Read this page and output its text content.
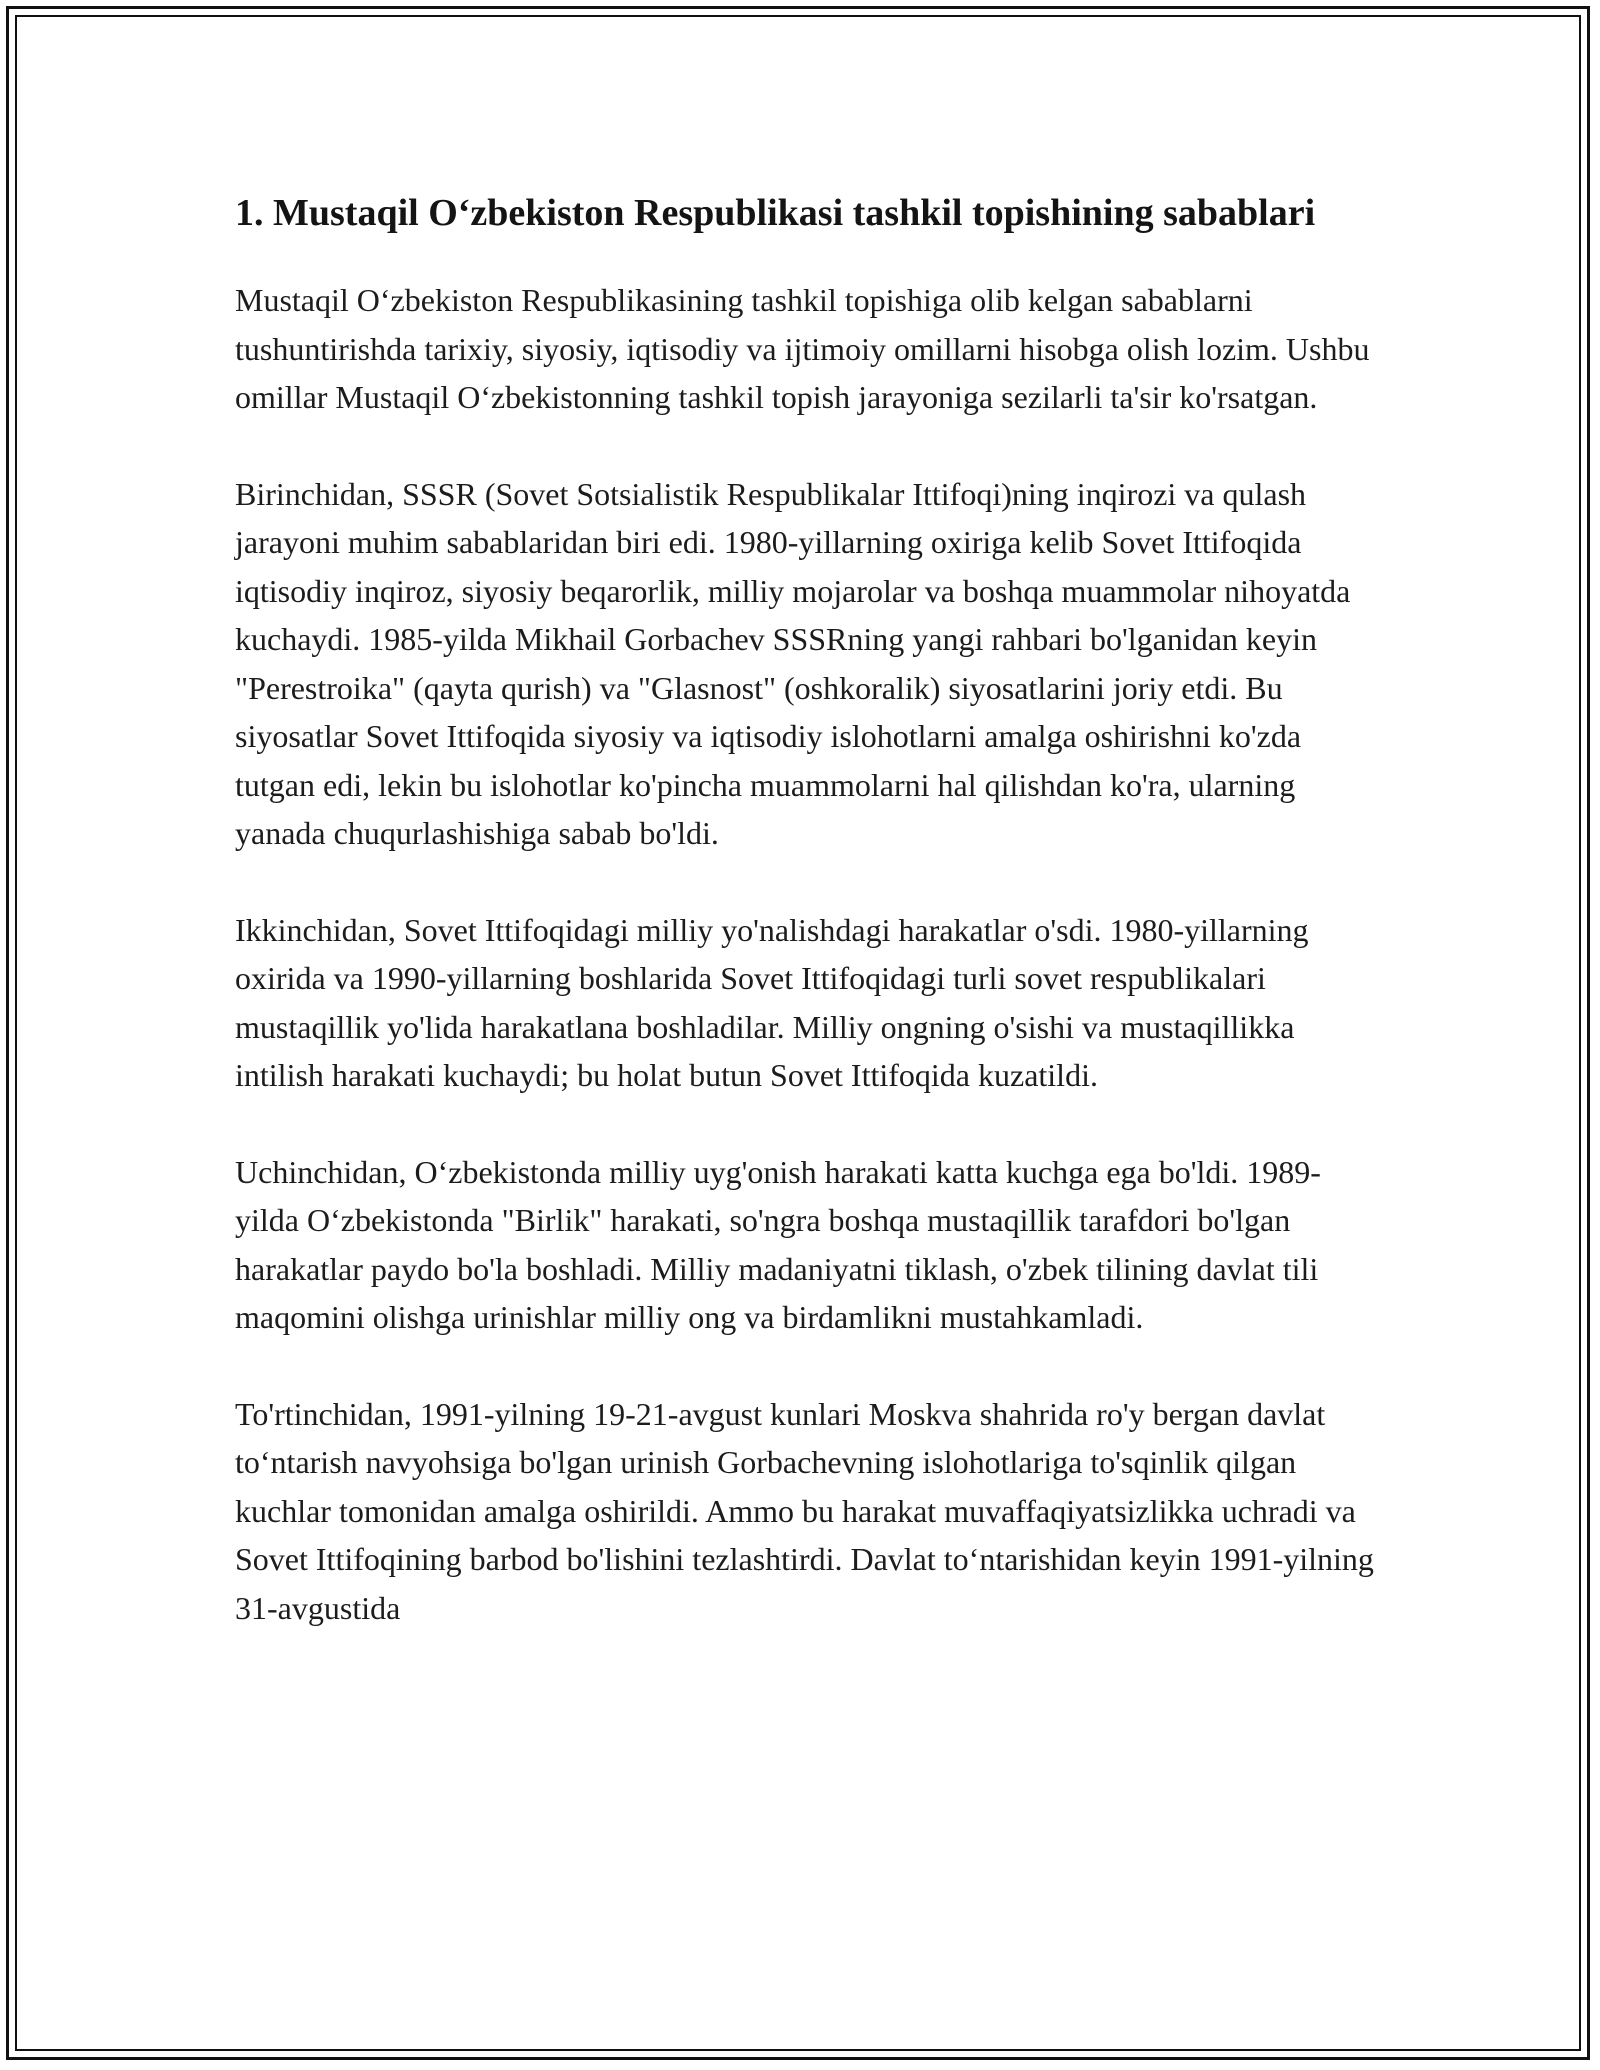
1. Mustaqil O‘zbekiston Respublikasi tashkil topishining sabablari

Mustaqil O‘zbekiston Respublikasining tashkil topishiga olib kelgan sabablarni tushuntirishda tarixiy, siyosiy, iqtisodiy va ijtimoiy omillarni hisobga olish lozim. Ushbu omillar Mustaqil O‘zbekistonning tashkil topish jarayoniga sezilarli ta'sir ko'rsatgan.

Birinchidan, SSSR (Sovet Sotsialistik Respublikalar Ittifoqi)ning inqirozi va qulash jarayoni muhim sabablaridan biri edi. 1980-yillarning oxiriga kelib Sovet Ittifoqida iqtisodiy inqiroz, siyosiy beqarorlik, milliy mojarolar va boshqa muammolar nihoyatda kuchaydi. 1985-yilda Mikhail Gorbachev SSSRning yangi rahbari bo'lganidan keyin "Perestroika" (qayta qurish) va "Glasnost" (oshkoralik) siyosatlarini joriy etdi. Bu siyosatlar Sovet Ittifoqida siyosiy va iqtisodiy islohotlarni amalga oshirishni ko'zda tutgan edi, lekin bu islohotlar ko'pincha muammolarni hal qilishdan ko'ra, ularning yanada chuqurlashishiga sabab bo'ldi.

Ikkinchidan, Sovet Ittifoqidagi milliy yo'nalishdagi harakatlar o'sdi. 1980-yillarning oxirida va 1990-yillarning boshlarida Sovet Ittifoqidagi turli sovet respublikalari mustaqillik yo'lida harakatlana boshladilar. Milliy ongning o'sishi va mustaqillikka intilish harakati kuchaydi; bu holat butun Sovet Ittifoqida kuzatildi.

Uchinchidan, O‘zbekistonda milliy uyg'onish harakati katta kuchga ega bo'ldi. 1989-yilda O‘zbekistonda "Birlik" harakati, so'ngra boshqa mustaqillik tarafdori bo'lgan harakatlar paydo bo'la boshladi. Milliy madaniyatni tiklash, o'zbek tilining davlat tili maqomini olishga urinishlar milliy ong va birdamlikni mustahkamladi.

To'rtinchidan, 1991-yilning 19-21-avgust kunlari Moskva shahrida ro'y bergan davlat to‘ntarish navyohsiga bo'lgan urinish Gorbachevning islohotlariga to'sqinlik qilgan kuchlar tomonidan amalga oshirildi. Ammo bu harakat muvaffaqiyatsizlikka uchradi va Sovet Ittifoqining barbod bo'lishini tezlashtirdi. Davlat to‘ntarishidan keyin 1991-yilning 31-avgustida
